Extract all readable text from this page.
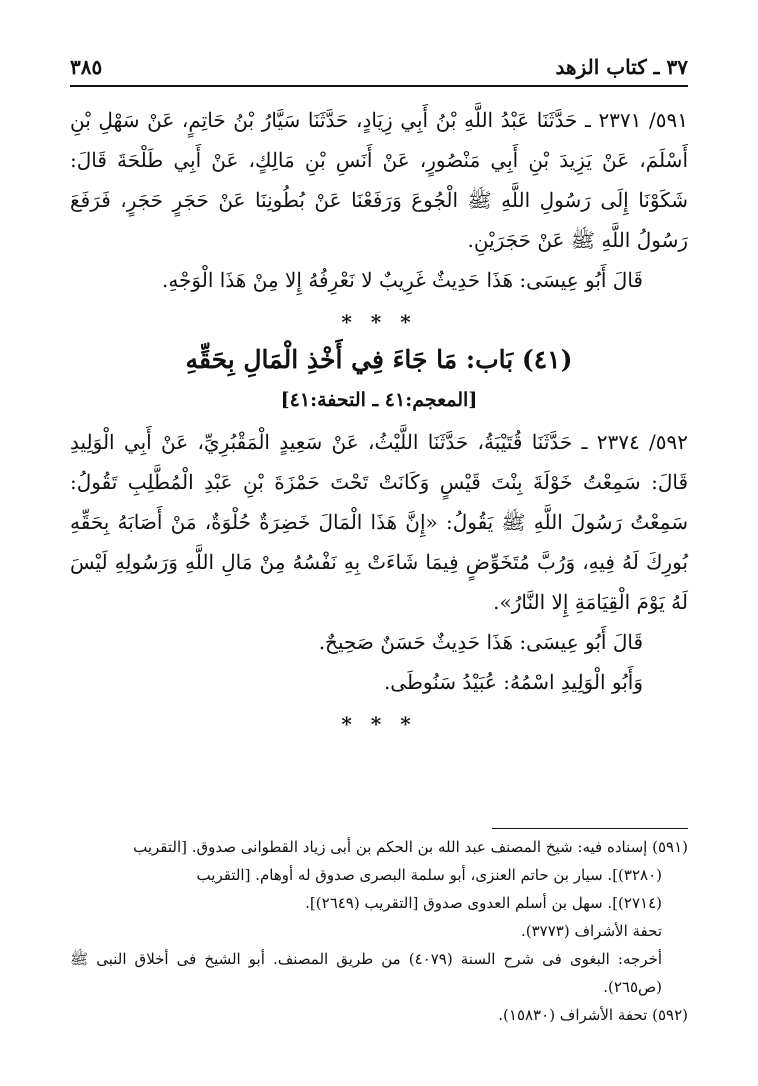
٣٧ ـ كتاب الزهد
٣٨٥

٥٩١/ ٢٣٧١ ـ حَدَّثَنَا عَبْدُ اللَّهِ بْنُ أَبِي زِيَادٍ، حَدَّثَنَا سَيَّارُ بْنُ حَاتِمٍ، عَنْ سَهْلِ بْنِ أَسْلَمَ، عَنْ يَزِيدَ بْنِ أَبِي مَنْصُورٍ، عَنْ أَنَسِ بْنِ مَالِكٍ، عَنْ أَبِي طَلْحَةَ قَالَ: شَكَوْنَا إِلَى رَسُولِ اللَّهِ ﷺ الْجُوعَ وَرَفَعْنَا عَنْ بُطُونِنَا عَنْ حَجَرٍ حَجَرٍ، فَرَفَعَ رَسُولُ اللَّهِ ﷺ عَنْ حَجَرَيْنِ.

قَالَ أَبُو عِيسَى: هَذَا حَدِيثٌ غَرِيبٌ لا نَعْرِفُهُ إِلا مِنْ هَذَا الْوَجْهِ.

* * *
(٤١) بَاب: مَا جَاءَ فِي أَخْذِ الْمَالِ بِحَقِّهِ
[المعجم:٤١ ـ التحفة:٤١]

٥٩٢/ ٢٣٧٤ ـ حَدَّثَنَا قُتَيْبَةُ، حَدَّثَنَا اللَّيْثُ، عَنْ سَعِيدٍ الْمَقْبُرِيِّ، عَنْ أَبِي الْوَلِيدِ قَالَ: سَمِعْتُ خَوْلَةَ بِنْتَ قَيْسٍ وَكَانَتْ تَحْتَ حَمْزَةَ بْنِ عَبْدِ الْمُطَّلِبِ تَقُولُ: سَمِعْتُ رَسُولَ اللَّهِ ﷺ يَقُولُ: «إِنَّ هَذَا الْمَالَ خَضِرَةٌ حُلْوَةٌ، مَنْ أَصَابَهُ بِحَقِّهِ بُورِكَ لَهُ فِيهِ، وَرُبَّ مُتَخَوِّضٍ فِيمَا شَاءَتْ بِهِ نَفْسُهُ مِنْ مَالِ اللَّهِ وَرَسُولِهِ لَيْسَ لَهُ يَوْمَ الْقِيَامَةِ إِلا النَّارُ».

قَالَ أَبُو عِيسَى: هَذَا حَدِيثٌ حَسَنٌ صَحِيحٌ.

وَأَبُو الْوَلِيدِ اسْمُهُ: عُبَيْدُ سَنُوطَى.

* * *

(٥٩١) إسناده فيه: شيخ المصنف عبد الله بن الحكم بن أبى زياد القطوانى صدوق. [التقريب

(٣٢٨٠)]. سيار بن حاتم العنزى، أبو سلمة البصرى صدوق له أوهام. [التقريب

(٢٧١٤)]. سهل بن أسلم العدوى صدوق [التقريب (٢٦٤٩)].

تحفة الأشراف (٣٧٧٣).

أخرجه: البغوى فى شرح السنة (٤٠٧٩) من طريق المصنف. أبو الشيخ فى أخلاق النبى ﷺ (ص٢٦٥).

(٥٩٢) تحفة الأشراف (١٥٨٣٠).
